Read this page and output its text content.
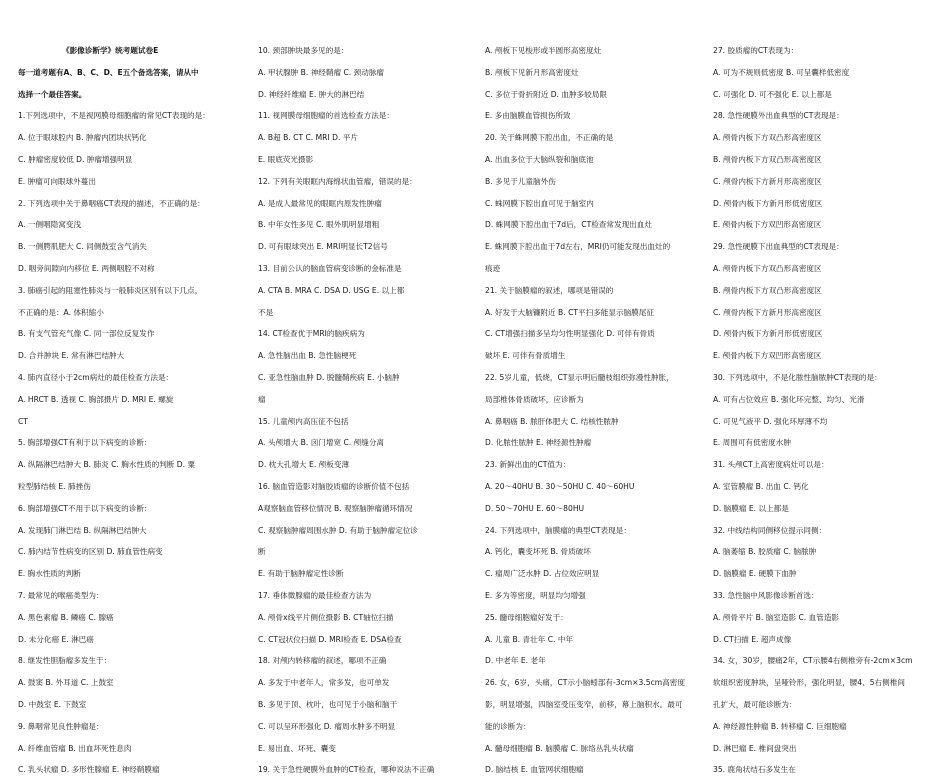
《影像诊断学》统考题试卷E
每一道考题有A、B、C、D、E五个备选答案，请从中
选择一个最佳答案。
1.下列选项中，不是视网膜母细胞瘤的常见CT表现的是：
A. 位于眼球腔内 B. 肿瘤内团块状钙化
C. 肿瘤密度较低 D. 肿瘤增强明显
E. 肿瘤可向眼球外蔓出
2. 下列选项中关于鼻咽癌CT表现的描述，不正确的是：
A. 一侧咽隐窝变浅
B. 一侧腭肌肥大 C. 同侧鼓室含气消失
D. 咽旁间隙向内移位 E. 两侧咽腔不对称
3. 肺癌引起的阻塞性肺炎与一般肺炎区别有以下几点，
不正确的是：A. 体积缩小
B. 有支气管充气像 C. 同一部位反复发作
D. 合并肿块 E. 常有淋巴结肿大
4. 肺内直径小于2cm病灶的最佳检查方法是：
A. HRCT B. 透视 C. 胸部摄片 D. MRI E. 螺旋
CT
5. 胸部增强CT有利于以下病变的诊断：
A. 纵隔淋巴结肿大 B. 肺炎 C. 胸水性质的判断 D. 粟
粒型肺结核 E. 肺挫伤
6. 胸部增强CT不用于以下病变的诊断：
A. 发现肺门淋巴结 B. 纵隔淋巴结肿大
C. 肺内结节性病变的区别 D. 肺血管性病变
E. 胸水性质的判断
7. 最常见的喉癌类型为：
A. 黑色素瘤 B. 鳞癌 C. 腺癌
D. 未分化癌 E. 淋巴癌
8. 继发性胆脂瘤多发生于：
A. 鼓窦 B. 外耳道 C. 上鼓室
D. 中鼓室 E. 下鼓室
9. 鼻咽常见良性肿瘤是：
A. 纤维血管瘤 B. 出血坏死性息肉
C. 乳头状瘤 D. 多形性腺瘤 E. 神经鞘膜瘤
10. 颈部肿块最多见的是：
A. 甲状腺肿 B. 神经鞘瘤 C. 颈动脉瘤
D. 神经纤维瘤 E. 肿大的淋巴结
11. 视网膜母细胞瘤的首选检查方法是：
A. B超 B. CT C. MRI D. 平片
E. 眼底荧光摄影
12. 下列有关眼眶内海绵状血管瘤，错误的是：
A. 是成人最常见的眼眶内原发性肿瘤
B. 中年女性多见 C. 眼外肌明显增粗
D. 可有眼球突出 E. MRI明显长T2信号
13. 目前公认的脑血管病变诊断的金标准是
A. CTA B. MRA C. DSA D. USG E. 以上都
不是
14. CT检查优于MRI的脑疾病为
A. 急性脑出血 B. 急性脑梗死
C. 亚急性脑血肿 D. 脱髓鞘疾病 E. 小脑肿
瘤
15. 儿童颅内高压征不包括
A. 头颅增大 B. 囟门增宽 C. 颅缝分离
D. 枕大孔增大 E. 颅板变薄
16. 脑血管造影对脑胶质瘤的诊断价值不包括
A观察脑血管移位情况 B. 观察脑肿瘤循环情况
C. 观察脑肿瘤周围水肿 D. 有助于脑肿瘤定位诊
断
E. 有助于脑肿瘤定性诊断
17. 垂体微腺瘤的最佳检查方法为
A. 颅骨x线平片侧位摄影 B. CT轴位扫描
C. CT冠状位扫描 D. MRI检查 E. DSA检查
18. 对颅内转移瘤的叙述，哪项不正确
A. 多发于中老年人，常多发，也可单发
B. 多见于顶、枕叶，也可见于小脑和脑干
C. 可以呈环形强化 D. 瘤周水肿多不明显
E. 易出血、坏死、囊变
19. 关于急性硬膜外血肿的CT检查，哪种说法不正确
A. 颅板下见梭形或半圆形高密度灶
B. 颅板下见新月形高密度灶
C. 多位于骨折附近 D. 血肿多较局限
E. 多由脑膜血管损伤所致
20. 关于蛛网膜下腔出血，不正确的是
A. 出血多位于大脑纵裂和脑底池
B. 多见于儿童脑外伤
C. 蛛网膜下腔出血可见于脑室内
D. 蛛网膜下腔出血于7d后，CT检查常发现出血灶
E. 蛛网膜下腔出血于7d左右，MRI仍可能发现出血灶的
痕迹
21. 关于脑膜瘤的叙述，哪项是错误的
A. 好发于大脑镰附近 B. CT平扫多能显示脑膜尾征
C. CT增强扫描多呈均匀性明显强化 D. 可伴有骨质
破坏 E. 可伴有骨质增生
22. 5岁儿童，低烧，CT显示明后髓枝组织弥漫性肿胀，
局部椎体骨质破坏，应诊断为
A. 鼻咽癌 B. 脓肝体肥大 C. 结核性脓肿
D. 化脓性脓肿 E. 神经源性肿瘤
23. 新鲜出血的CT值为：
A. 20～40HU B. 30～50HU C. 40～60HU
D. 50～70HU E. 60～80HU
24. 下列选项中，脑膜瘤的典型CT表现是：
A. 钙化，囊变坏死 B. 骨质破坏
C. 瘤周广泛水肿 D. 占位效应明显
E. 多为等密度，明显均匀增强
25. 髓母细胞瘤好发于：
A. 儿童 B. 青壮年 C. 中年
D. 中老年 E. 老年
26. 女，6岁，头痛，CT示小脑蚓部有-3cm×3.5cm高密度
影，明显增强，四脑室受压变窄，前移，幕上脑积水。最可
能的诊断为：
A. 髓母细胞瘤 B. 脑膜瘤 C. 脉络丛乳头状瘤
D. 脑结核 E. 血管网状细胞瘤
27. 胶质瘤的CT表现为：
A. 可为不规则低密度 B. 可呈囊样低密度
C. 可强化 D. 可不强化 E. 以上都是
28. 急性硬膜外出血典型的CT表现是：
A. 颅骨内板下方双凸形高密度区
B. 颅骨内板下方双凸形高密度区
C. 颅骨内板下方新月形高密度区
D. 颅骨内板下方新月形低密度区
E. 颅骨内板下方双凹形高密度区
29. 急性硬膜下出血典型的CT表现是：
A. 颅骨内板下方双凸形高密度区
B. 颅骨内板下方双凸形高密度区
C. 颅骨内板下方新月形高密度区
D. 颅骨内板下方新月形低密度区
E. 颅骨内板下方双凹形高密度区
30. 下列选项中，不是化脓性脑脓肿CT表现的是：
A. 可有占位效应 B. 强化环完整、均匀、光滑
C. 可见气液平 D. 强化环厚薄不均
E. 周围可有低密度水肿
31. 头颅CT上高密度病灶可以是：
A. 室管膜瘤 B. 出血 C. 钙化
D. 脑膜瘤 E. 以上都是
32. 中线结构同侧移位提示同侧：
A. 脑萎缩 B. 胶质瘤 C. 脑脓肿
D. 脑膜瘤 E. 硬膜下血肿
33. 急性脑中风影像诊断首选：
A. 颅骨平片 B. 脑室造影 C. 血管造影
D. CT扫描 E. 超声成像
34. 女，30岁，腰痛2年，CT示腰4右侧椎旁有-2cm×3cm
软组织密度肿块，呈哑铃形，强化明显，腰4、5右侧椎间
孔扩大，最可能诊断为：
A. 神经源性肿瘤 B. 转移瘤 C. 巨细胞瘤
D. 淋巴瘤 E. 椎间盘突出
35. 鹿角状结石多发生在
